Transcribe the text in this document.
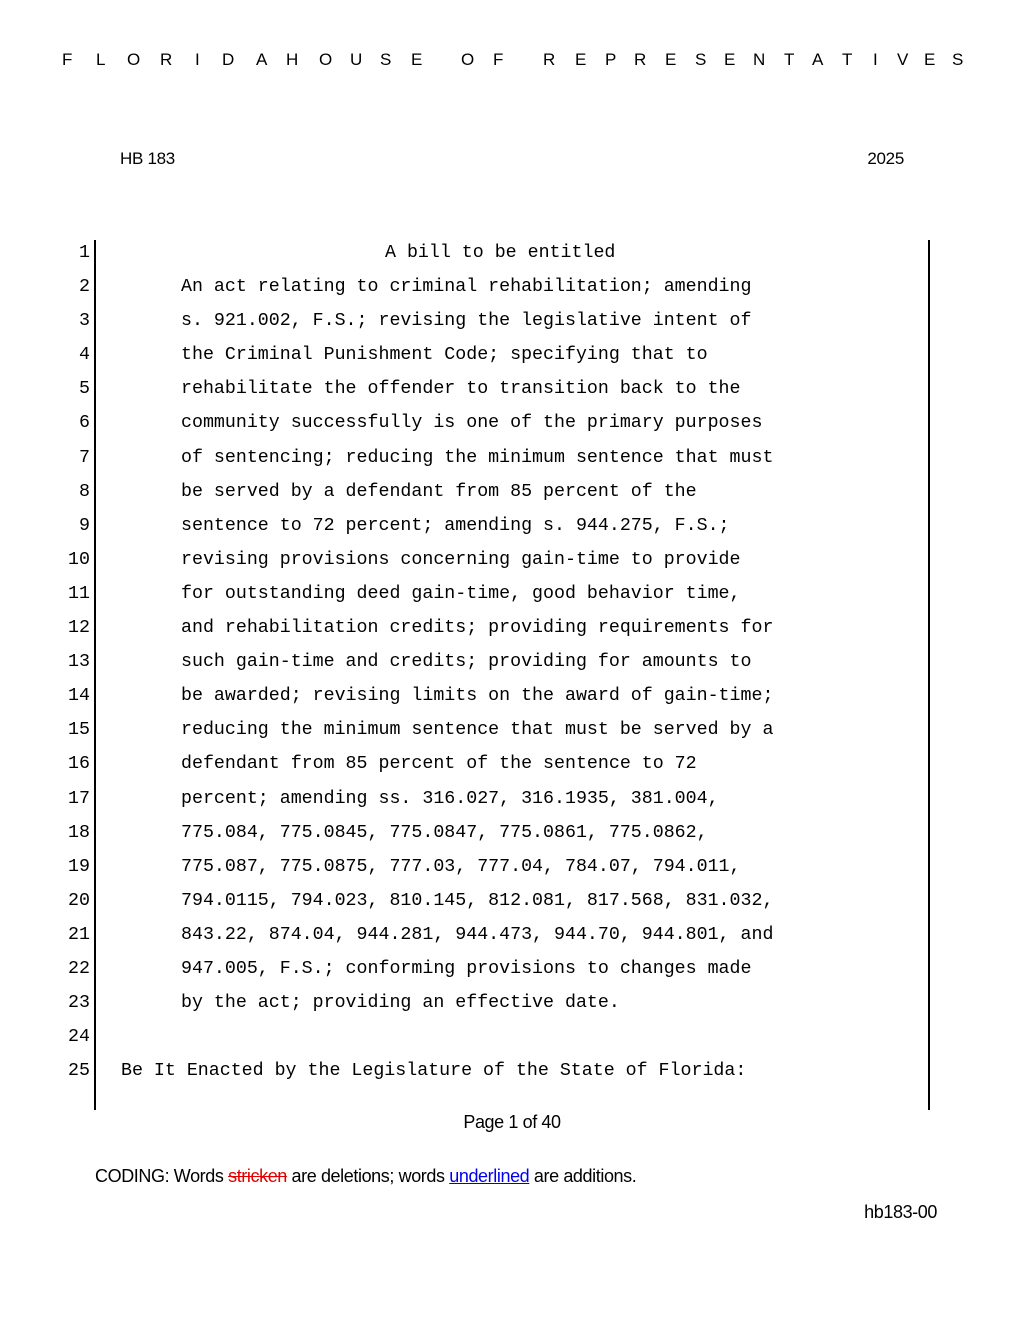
F L O R I D A H O U S E O F R E P R E S E N T A T I V E S
HB 183	2025
1	A bill to be entitled
2	An act relating to criminal rehabilitation; amending
3	s. 921.002, F.S.; revising the legislative intent of
4	the Criminal Punishment Code; specifying that to
5	rehabilitate the offender to transition back to the
6	community successfully is one of the primary purposes
7	of sentencing; reducing the minimum sentence that must
8	be served by a defendant from 85 percent of the
9	sentence to 72 percent; amending s. 944.275, F.S.;
10	revising provisions concerning gain-time to provide
11	for outstanding deed gain-time, good behavior time,
12	and rehabilitation credits; providing requirements for
13	such gain-time and credits; providing for amounts to
14	be awarded; revising limits on the award of gain-time;
15	reducing the minimum sentence that must be served by a
16	defendant from 85 percent of the sentence to 72
17	percent; amending ss. 316.027, 316.1935, 381.004,
18	775.084, 775.0845, 775.0847, 775.0861, 775.0862,
19	775.087, 775.0875, 777.03, 777.04, 784.07, 794.011,
20	794.0115, 794.023, 810.145, 812.081, 817.568, 831.032,
21	843.22, 874.04, 944.281, 944.473, 944.70, 944.801, and
22	947.005, F.S.; conforming provisions to changes made
23	by the act; providing an effective date.
24
25 Be It Enacted by the Legislature of the State of Florida:
Page 1 of 40
CODING: Words stricken are deletions; words underlined are additions.
hb183-00
